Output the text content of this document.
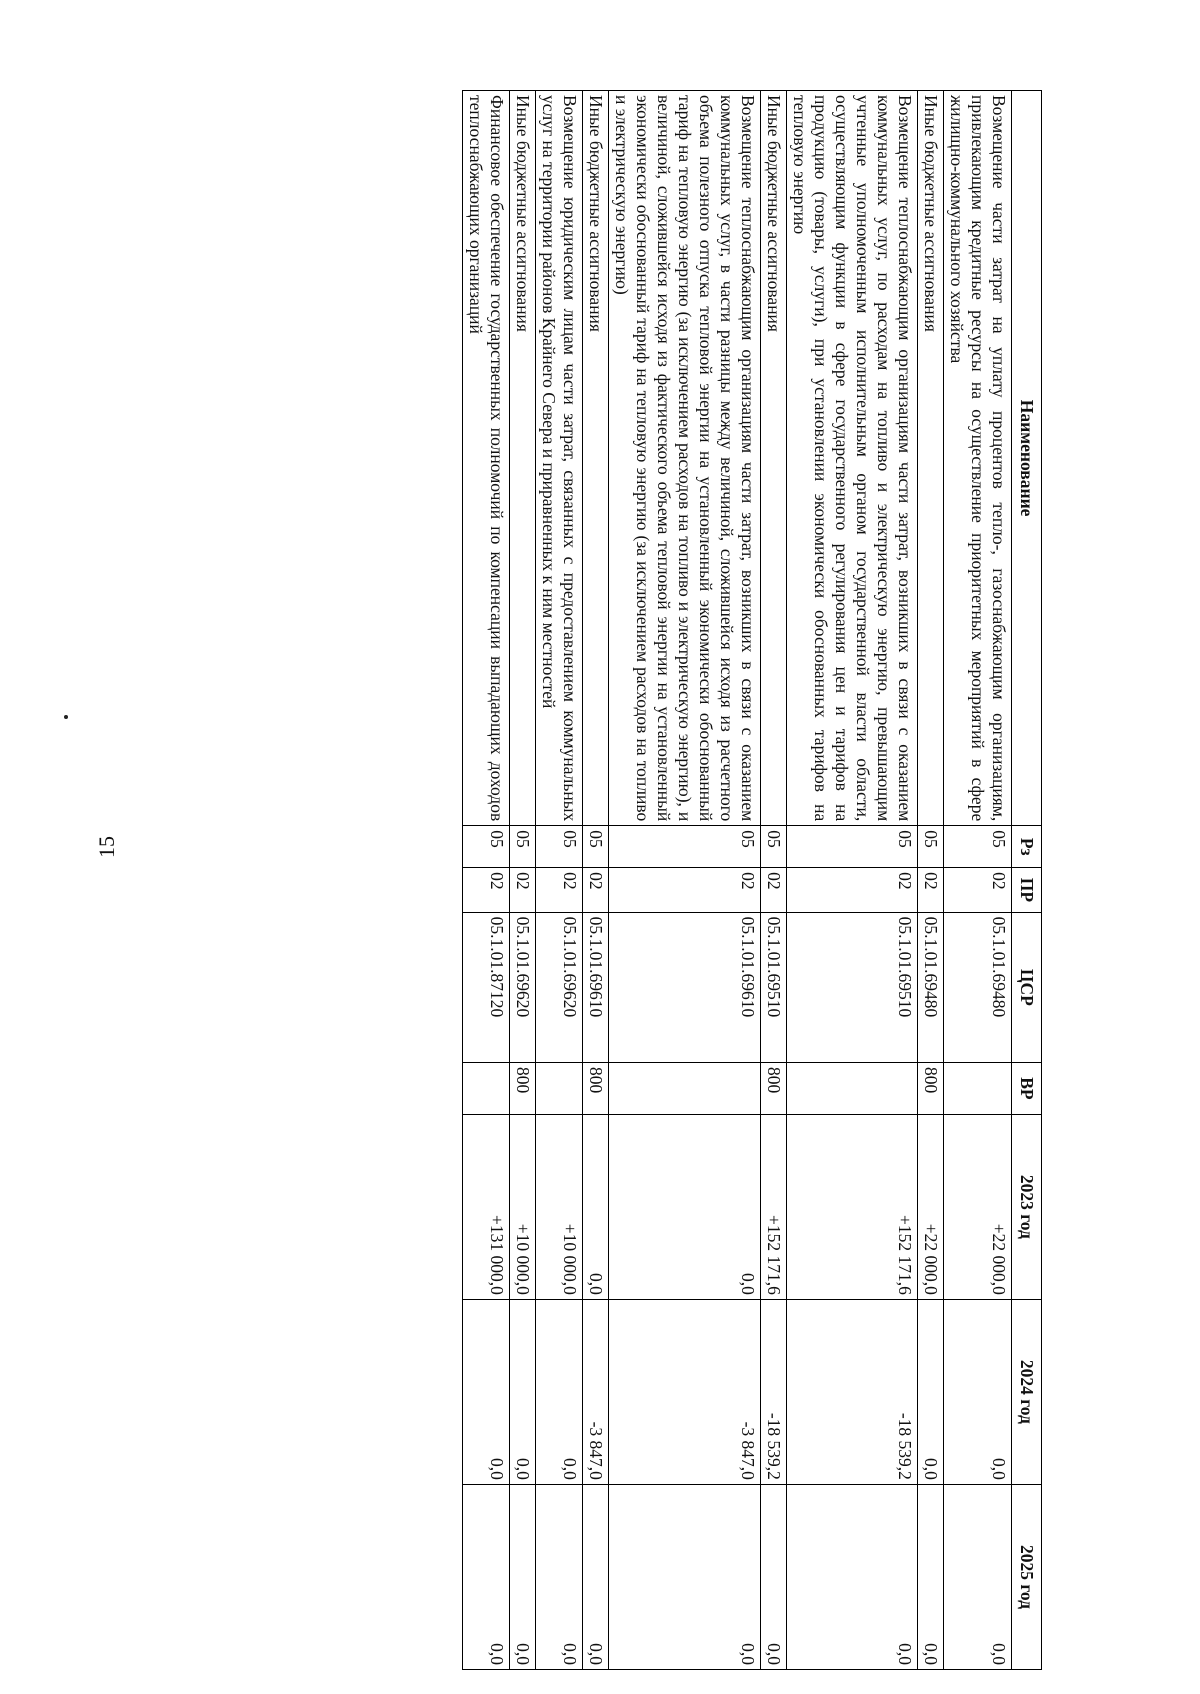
15
Наименование	Рз	ПР	ЦСР	ВР	2023 год	2024 год	2025 год
Возмещение части затрат на уплату процентов тепло-, газоснабжающим организациям, привлекающим кредитные ресурсы на осуществление приоритетных мероприятий в сфере жилищно-коммунального хозяйства	05	02	05.1.01.69480		+22 000,0	0,0	0,0
Иные бюджетные ассигнования	05	02	05.1.01.69480	800	+22 000,0	0,0	0,0
Возмещение теплоснабжающим организациям части затрат, возникших в связи с оказанием коммунальных услуг, по расходам на топливо и электрическую энергию, превышающим учтенные уполномоченным исполнительным органом государственной власти области, осуществляющим функции в сфере государственного регулирования цен и тарифов на продукцию (товары, услуги), при установлении экономически обоснованных тарифов на тепловую энергию	05	02	05.1.01.69510		+152 171,6	-18 539,2	0,0
Иные бюджетные ассигнования	05	02	05.1.01.69510	800	+152 171,6	-18 539,2	0,0
Возмещение теплоснабжающим организациям части затрат, возникших в связи с оказанием коммунальных услуг, в части разницы между величиной, сложившейся исходя из расчетного объема полезного отпуска тепловой энергии на установленный экономически обоснованный тариф на тепловую энергию (за исключением расходов на топливо и электрическую энергию), и величиной, сложившейся исходя из фактического объема тепловой энергии на установленный экономически обоснованный тариф на тепловую энергию (за исключением расходов на топливо и электрическую энергию)	05	02	05.1.01.69610		0,0	-3 847,0	0,0
Иные бюджетные ассигнования	05	02	05.1.01.69610	800	0,0	-3 847,0	0,0
Возмещение юридическим лицам части затрат, связанных с предоставлением коммунальных услуг на территории районов Крайнего Севера и приравненных к ним местностей	05	02	05.1.01.69620		+10 000,0	0,0	0,0
Иные бюджетные ассигнования	05	02	05.1.01.69620	800	+10 000,0	0,0	0,0
Финансовое обеспечение государственных полномочий по компенсации выпадающих доходов теплоснабжающих организаций	05	02	05.1.01.87120		+131 000,0	0,0	0,0
